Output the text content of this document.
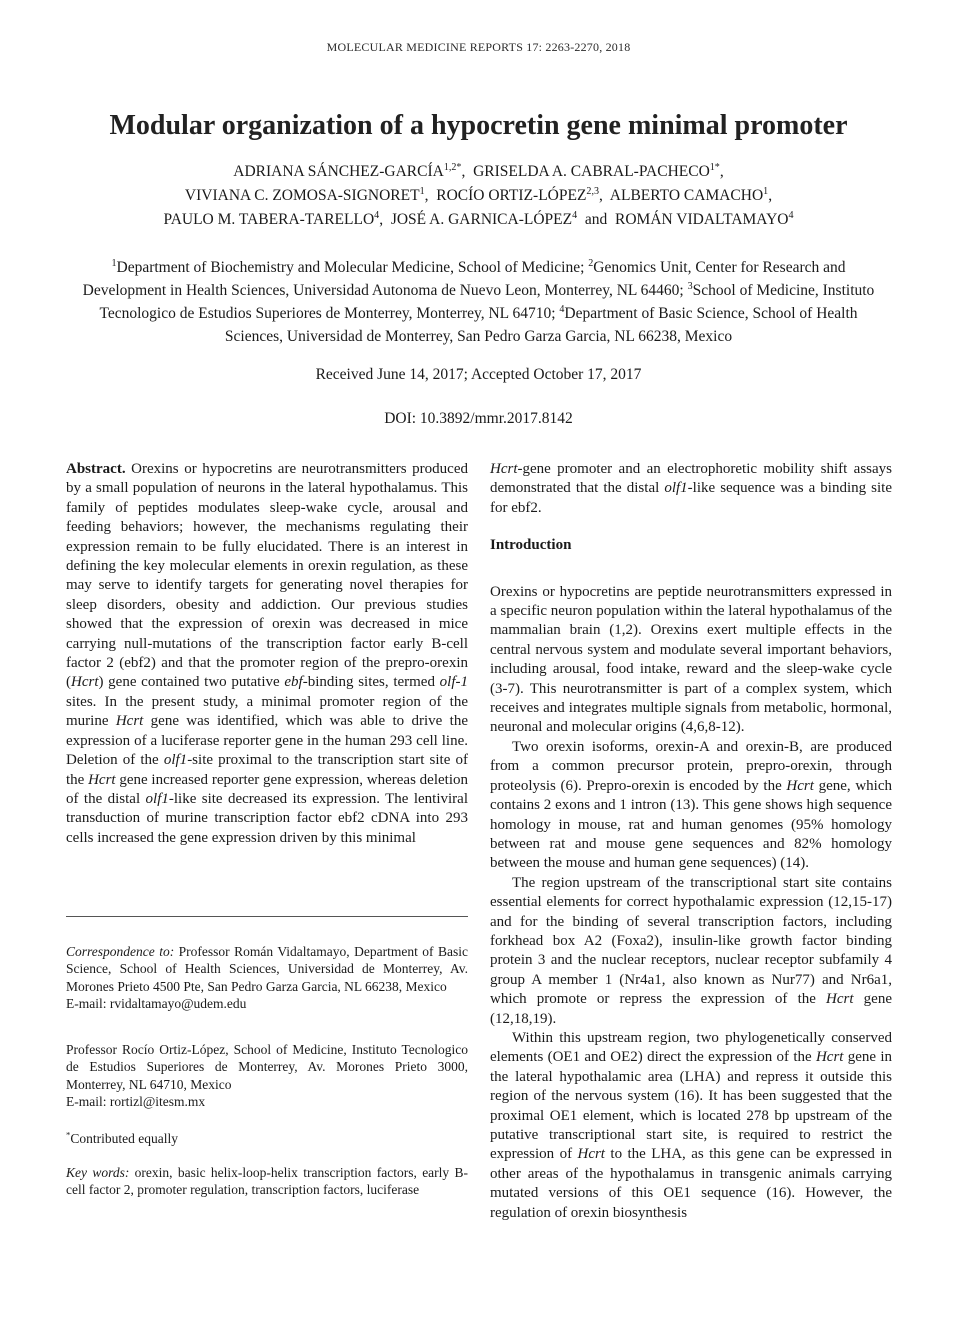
MOLECULAR MEDICINE REPORTS 17: 2263-2270, 2018
Modular organization of a hypocretin gene minimal promoter
ADRIANA SÁNCHEZ-$GARCÍA^{1,2*}$,  GRISELDA A. CABRAL-$PACHECO^{1*}$,
VIVIANA C. ZOMOSA-SIGNORET$^1$,  ROCÍO ORTIZ-LÓPEZ$^{2,3}$,  ALBERTO CAMACHO$^1$,
PAULO M. TABERA-TARELLO$^4$,  JOSÉ A. GARNICA-LÓPEZ$^4$ and ROMÁN VIDALTAMAYO$^4$
$^1$Department of Biochemistry and Molecular Medicine, School of Medicine; $^2$Genomics Unit, Center for Research and Development in Health Sciences, Universidad Autonoma de Nuevo Leon, Monterrey, NL 64460; $^3$School of Medicine, Instituto Tecnologico de Estudios Superiores de Monterrey, Monterrey, NL 64710; $^4$Department of Basic Science, School of Health Sciences, Universidad de Monterrey, San Pedro Garza Garcia, NL 66238, Mexico
Received June 14, 2017; Accepted October 17, 2017
DOI: 10.3892/mmr.2017.8142

Abstract. Orexins or hypocretins are neurotransmitters produced by a small population of neurons in the lateral hypothalamus. This family of peptides modulates sleep-wake cycle, arousal and feeding behaviors; however, the mechanisms regulating their expression remain to be fully elucidated. There is an interest in defining the key molecular elements in orexin regulation, as these may serve to identify targets for generating novel therapies for sleep disorders, obesity and addiction. Our previous studies showed that the expression of orexin was decreased in mice carrying null-mutations of the transcription factor early B-cell factor 2 (ebf2) and that the promoter region of the prepro-orexin (Hcrt) gene contained two putative ebf-binding sites, termed olf-1 sites. In the present study, a minimal promoter region of the murine Hcrt gene was identified, which was able to drive the expression of a luciferase reporter gene in the human 293 cell line. Deletion of the olf1-site proximal to the transcription start site of the Hcrt gene increased reporter gene expression, whereas deletion of the distal olf1-like site decreased its expression. The lentiviral transduction of murine transcription factor ebf2 cDNA into 293 cells increased the gene expression driven by this minimal

Hcrt-gene promoter and an electrophoretic mobility shift assays demonstrated that the distal olf1-like sequence was a binding site for ebf2.

Introduction

Orexins or hypocretins are peptide neurotransmitters expressed in a specific neuron population within the lateral hypothalamus of the mammalian brain (1,2). Orexins exert multiple effects in the central nervous system and modulate several important behaviors, including arousal, food intake, reward and the sleep-wake cycle (3-7). This neurotransmitter is part of a complex system, which receives and integrates multiple signals from metabolic, hormonal, neuronal and molecular origins (4,6,8-12).

Two orexin isoforms, orexin-A and orexin-B, are produced from a common precursor protein, prepro-orexin, through proteolysis (6). Prepro-orexin is encoded by the Hcrt gene, which contains 2 exons and 1 intron (13). This gene shows high sequence homology in mouse, rat and human genomes (95% homology between rat and mouse gene sequences and 82% homology between the mouse and human gene sequences) (14).

The region upstream of the transcriptional start site contains essential elements for correct hypothalamic expression (12,15-17) and for the binding of several transcription factors, including forkhead box A2 (Foxa2), insulin-like growth factor binding protein 3 and the nuclear receptors, nuclear receptor subfamily 4 group A member 1 (Nr4a1, also known as Nur77) and Nr6a1, which promote or repress the expression of the Hcrt gene (12,18,19).

Within this upstream region, two phylogenetically conserved elements (OE1 and OE2) direct the expression of the Hcrt gene in the lateral hypothalamic area (LHA) and repress it outside this region of the nervous system (16). It has been suggested that the proximal OE1 element, which is located 278 bp upstream of the putative transcriptional start site, is required to restrict the expression of Hcrt to the LHA, as this gene can be expressed in other areas of the hypothalamus in transgenic animals carrying mutated versions of this OE1 sequence (16). However, the regulation of orexin biosynthesis

Correspondence to: Professor Román Vidaltamayo, Department of Basic Science, School of Health Sciences, Universidad de Monterrey, Av. Morones Prieto 4500 Pte, San Pedro Garza Garcia, NL 66238, Mexico

E-mail: rvidaltamayo@udem.edu

Professor Rocío Ortiz-López, School of Medicine, Instituto Tecnologico de Estudios Superiores de Monterrey, Av. Morones Prieto 3000, Monterrey, NL 64710, Mexico

E-mail: rortizl@itesm.mx

*Contributed equally

Key words: orexin, basic helix-loop-helix transcription factors, early B-cell factor 2, promoter regulation, transcription factors, luciferase
